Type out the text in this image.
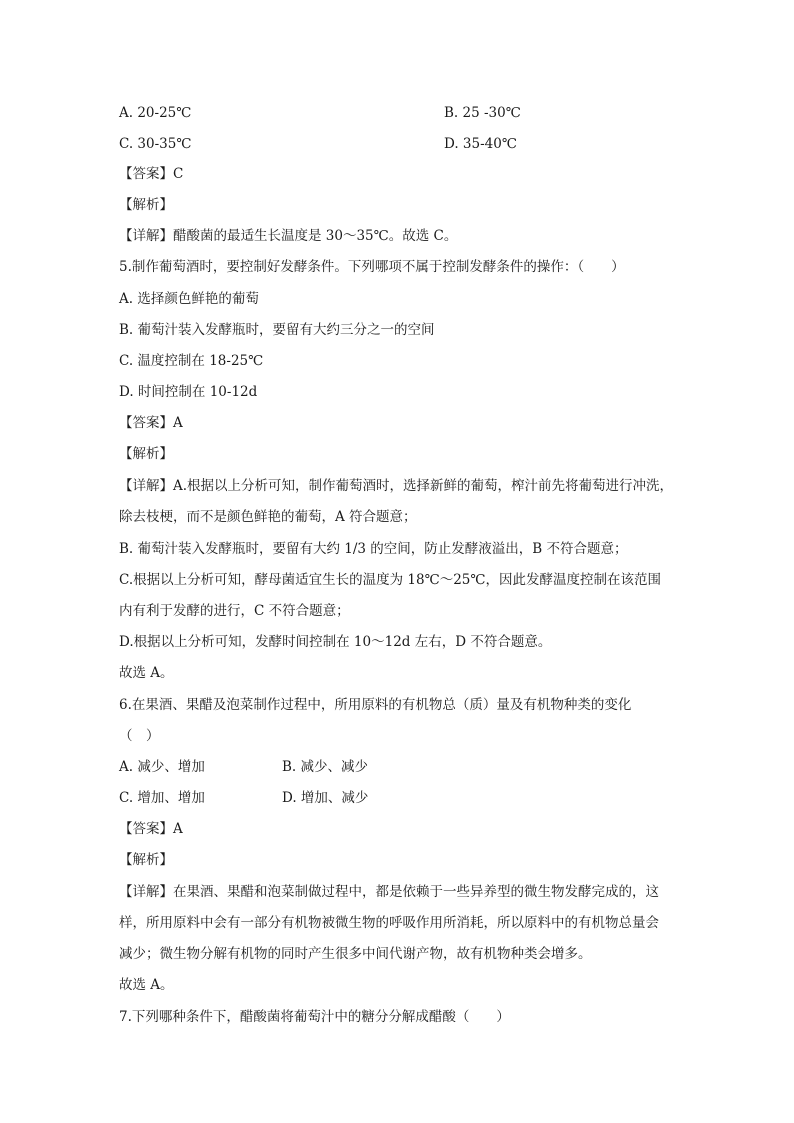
A. 20-25℃	B. 25 -30℃
C. 30-35℃	D. 35-40℃
【答案】C
【解析】
【详解】醋酸菌的最适生长温度是 30～35℃。故选 C。
5.制作葡萄酒时，要控制好发酵条件。下列哪项不属于控制发酵条件的操作：（　　）
A. 选择颜色鲜艳的葡萄
B. 葡萄汁装入发酵瓶时，要留有大约三分之一的空间
C. 温度控制在 18-25℃
D. 时间控制在 10-12d
【答案】A
【解析】
【详解】A.根据以上分析可知，制作葡萄酒时，选择新鲜的葡萄，榨汁前先将葡萄进行冲洗，
除去枝梗，而不是颜色鲜艳的葡萄，A 符合题意；
B. 葡萄汁装入发酵瓶时，要留有大约 1/3 的空间，防止发酵液溢出，B 不符合题意；
C.根据以上分析可知，酵母菌适宜生长的温度为 18℃～25℃，因此发酵温度控制在该范围
内有利于发酵的进行，C 不符合题意；
D.根据以上分析可知，发酵时间控制在 10～12d 左右，D 不符合题意。
故选 A。
6.在果酒、果醋及泡菜制作过程中，所用原料的有机物总（质）量及有机物种类的变化
（　）
A. 减少、增加	B. 减少、减少
C. 增加、增加	D. 增加、减少
【答案】A
【解析】
【详解】在果酒、果醋和泡菜制做过程中，都是依赖于一些异养型的微生物发酵完成的，这
样，所用原料中会有一部分有机物被微生物的呼吸作用所消耗，所以原料中的有机物总量会
减少；微生物分解有机物的同时产生很多中间代谢产物，故有机物种类会增多。
故选 A。
7.下列哪种条件下，醋酸菌将葡萄汁中的糖分分解成醋酸（　　）
